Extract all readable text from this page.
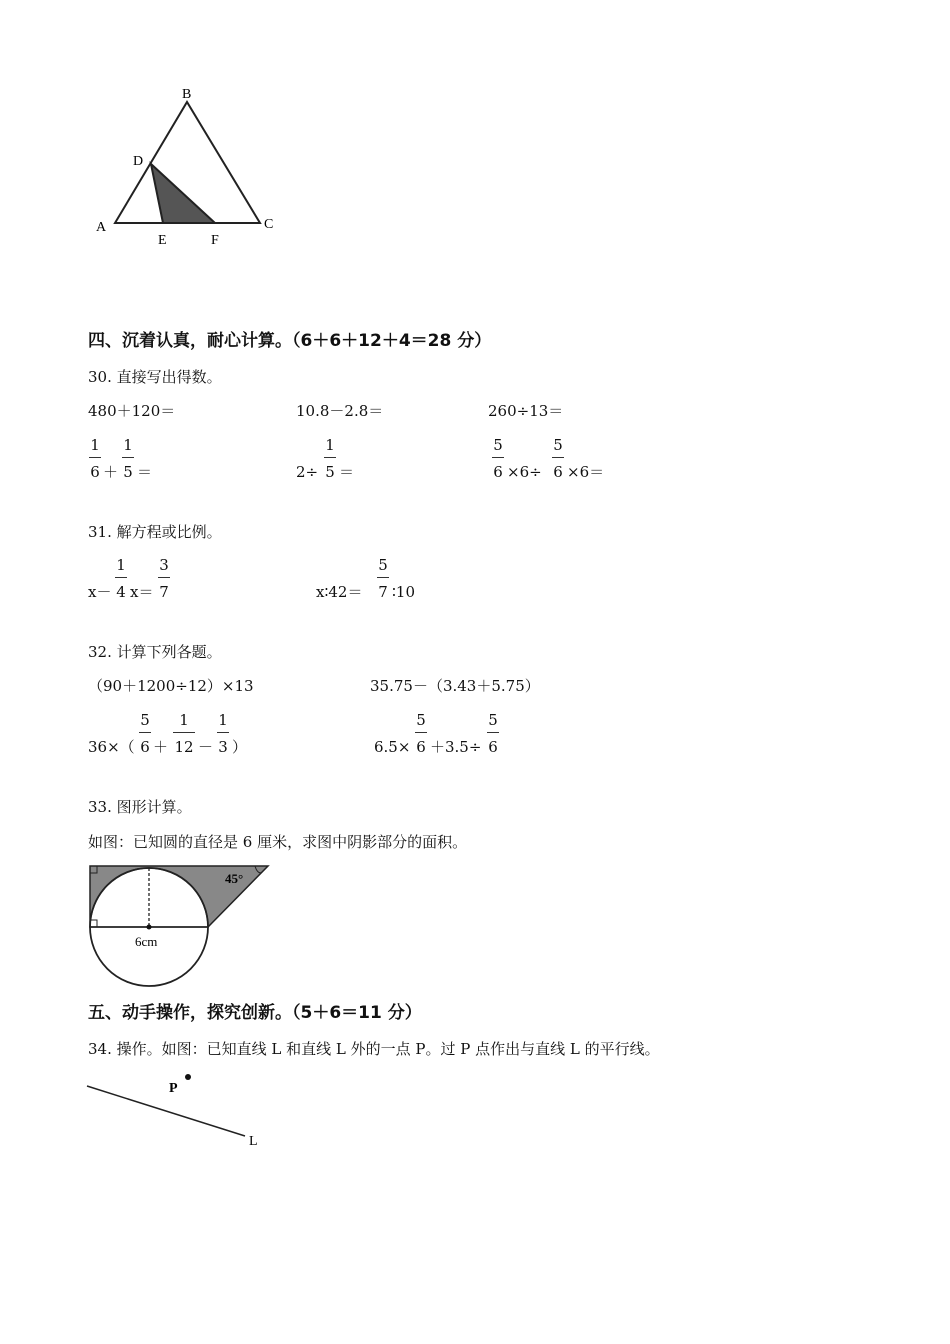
B
D
A
E	F
C
四、沉着认真，耐心计算。（6＋6＋12＋4＝28 分）
30. 直接写出得数。
480＋120＝	10.8－2.8＝	260÷13＝
1
6 ＋
1
5 ＝	2÷
1
5 ＝
5
6 ×6÷
5
6 ×6＝
31. 解方程或比例。
x－
1
4 x＝
3
7	x∶42＝
5
7 ∶10
32. 计算下列各题。
（90＋1200÷12）×13	35.75－（3.43＋5.75）
36×（
5
6 ＋
1
12 －
1
3 ）	6.5×
5
6 ＋3.5÷
5
6
33. 图形计算。
如图：已知圆的直径是 6 厘米，求图中阴影部分的面积。
45°
6cm
五、动手操作，探究创新。（5＋6＝11 分）
34. 操作。如图：已知直线 L 和直线 L 外的一点 P。过 P 点作出与直线 L 的平行线。
P
L
